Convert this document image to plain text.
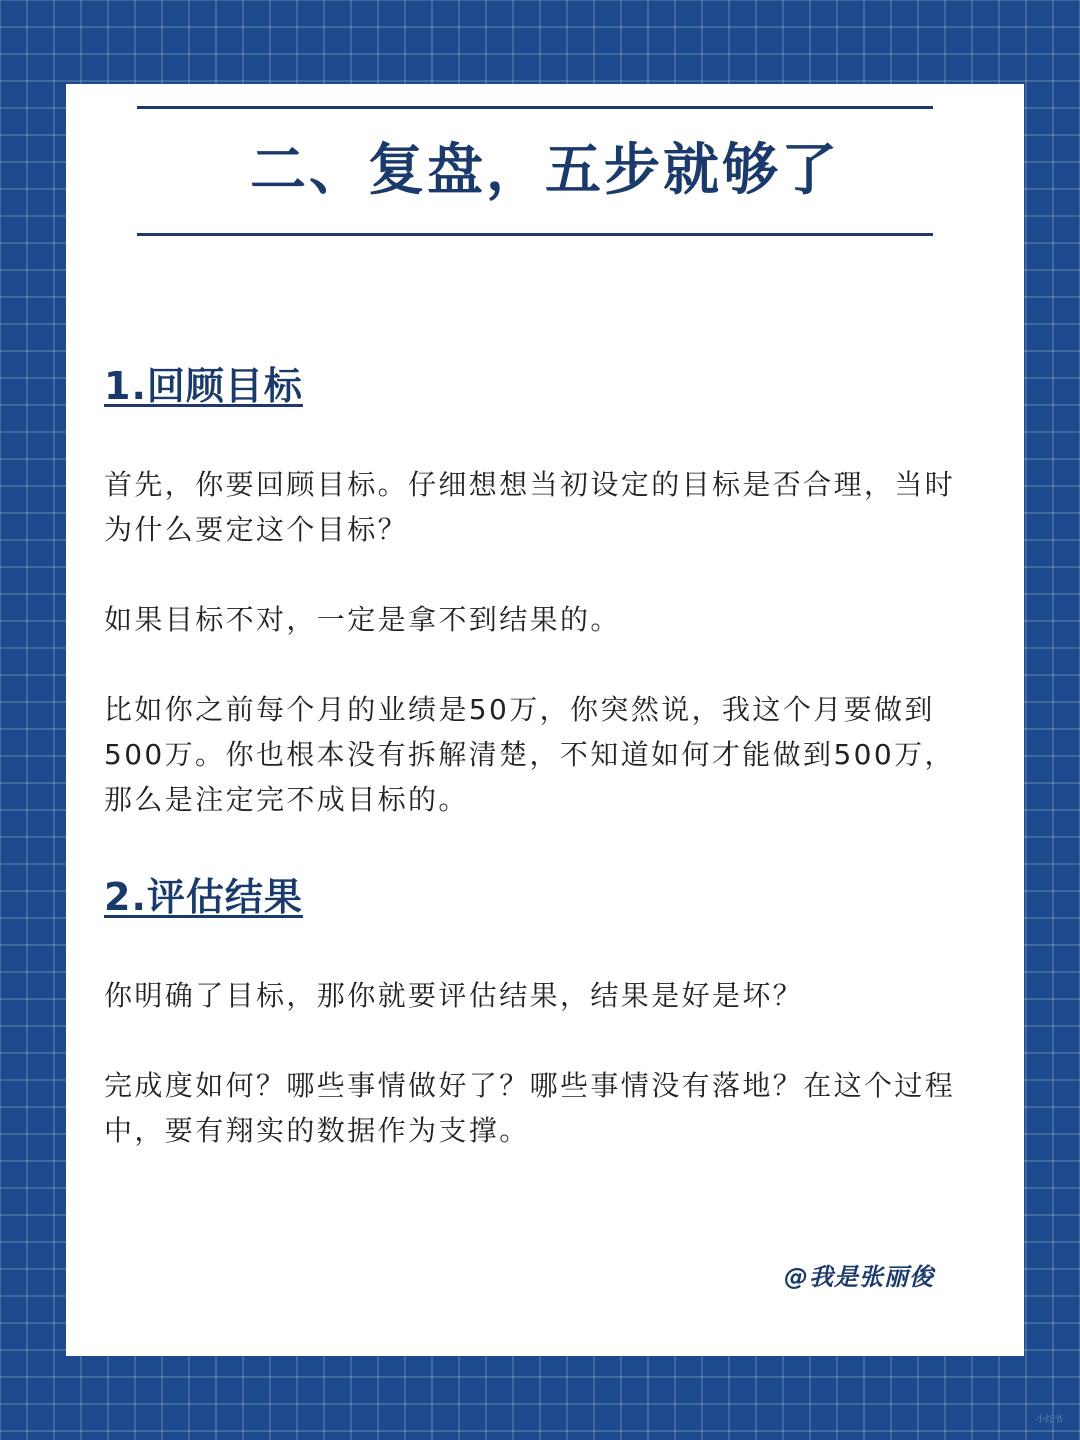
二、复盘，五步就够了
1.回顾目标

首先，你要回顾目标。仔细想想当初设定的目标是否合理，当时为什么要定这个目标？

如果目标不对，一定是拿不到结果的。

比如你之前每个月的业绩是50万，你突然说，我这个月要做到500万。你也根本没有拆解清楚，不知道如何才能做到500万，那么是注定完不成目标的。

2.评估结果

你明确了目标，那你就要评估结果，结果是好是坏？

完成度如何？哪些事情做好了？哪些事情没有落地？在这个过程中，要有翔实的数据作为支撑。

@我是张丽俊
小红书
